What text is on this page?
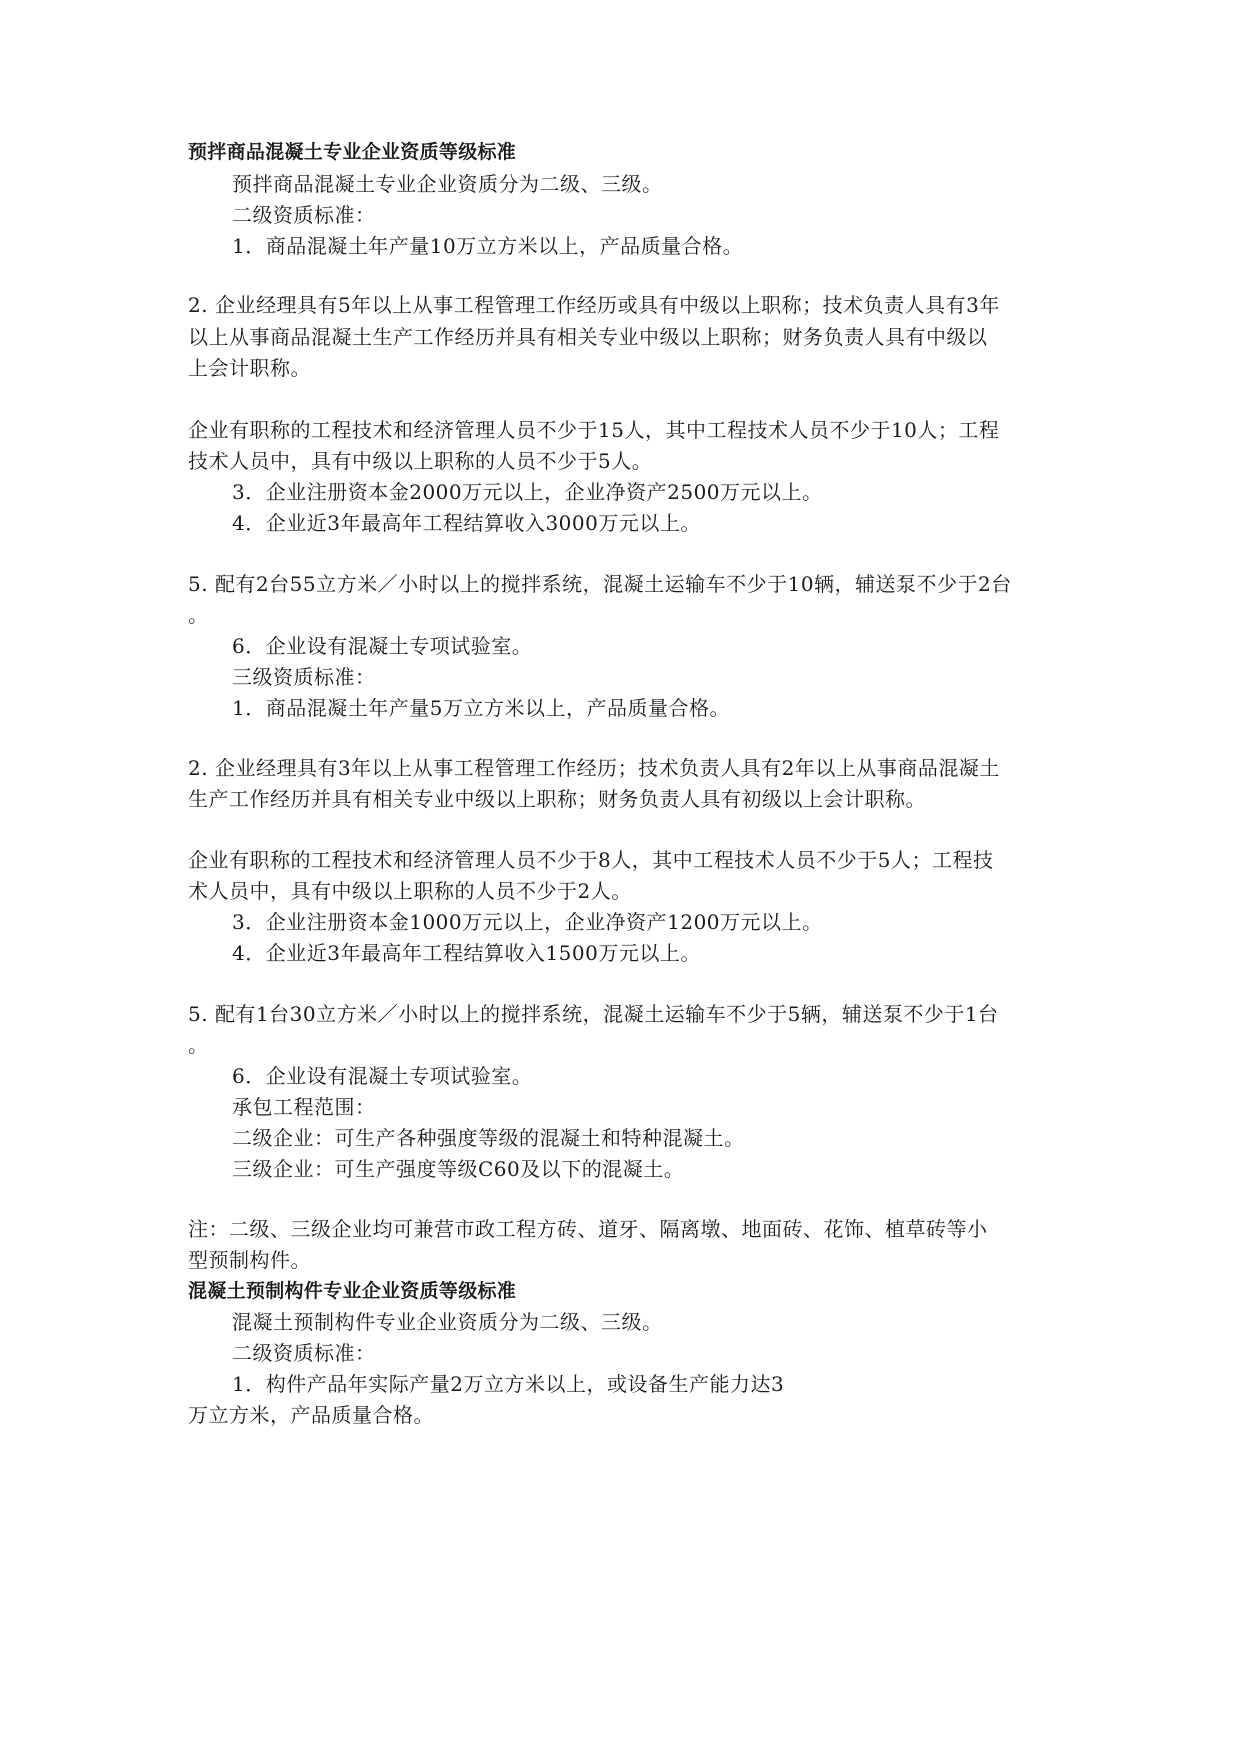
预拌商品混凝土专业企业资质等级标准
预拌商品混凝土专业企业资质分为二级、三级。
二级资质标准：
1．商品混凝土年产量10万立方米以上，产品质量合格。
2. 企业经理具有5年以上从事工程管理工作经历或具有中级以上职称；技术负责人具有3年
以上从事商品混凝土生产工作经历并具有相关专业中级以上职称；财务负责人具有中级以
上会计职称。
企业有职称的工程技术和经济管理人员不少于15人，其中工程技术人员不少于10人；工程
技术人员中，具有中级以上职称的人员不少于5人。
3．企业注册资本金2000万元以上，企业净资产2500万元以上。
4．企业近3年最高年工程结算收入3000万元以上。
5. 配有2台55立方米／小时以上的搅拌系统，混凝土运输车不少于10辆，辅送泵不少于2台
。
6．企业设有混凝土专项试验室。
三级资质标准：
1．商品混凝土年产量5万立方米以上，产品质量合格。
2. 企业经理具有3年以上从事工程管理工作经历；技术负责人具有2年以上从事商品混凝土
生产工作经历并具有相关专业中级以上职称；财务负责人具有初级以上会计职称。
企业有职称的工程技术和经济管理人员不少于8人，其中工程技术人员不少于5人；工程技
术人员中，具有中级以上职称的人员不少于2人。
3．企业注册资本金1000万元以上，企业净资产1200万元以上。
4．企业近3年最高年工程结算收入1500万元以上。
5. 配有1台30立方米／小时以上的搅拌系统，混凝土运输车不少于5辆，辅送泵不少于1台
。
6．企业设有混凝土专项试验室。
承包工程范围：
二级企业：可生产各种强度等级的混凝土和特种混凝土。
三级企业：可生产强度等级C60及以下的混凝土。
注：二级、三级企业均可兼营市政工程方砖、道牙、隔离墩、地面砖、花饰、植草砖等小
型预制构件。
混凝土预制构件专业企业资质等级标准
混凝土预制构件专业企业资质分为二级、三级。
二级资质标准：
1．构件产品年实际产量2万立方米以上，或设备生产能力达3
万立方米，产品质量合格。
